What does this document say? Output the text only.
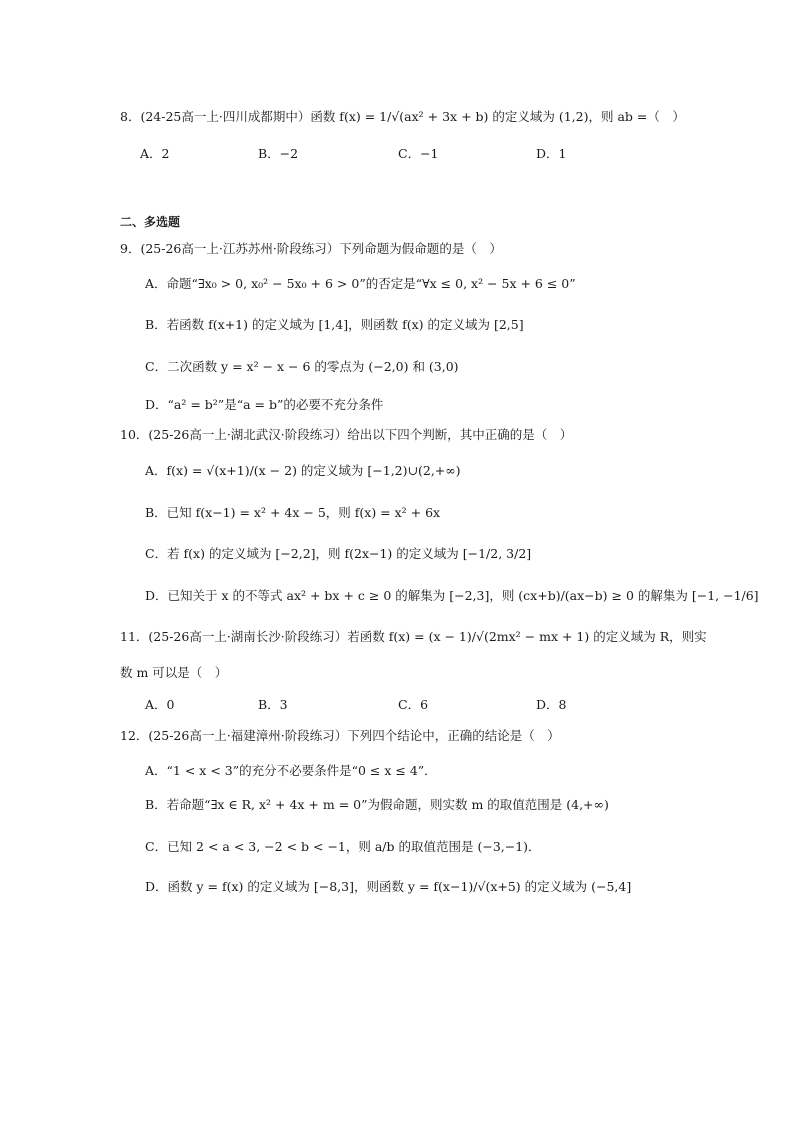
8．(24-25高一上·四川成都期中）函数 f(x) = 1/√(ax² + 3x + b) 的定义域为 (1,2)，则 ab =（　）
A．2	B．−2	C．−1	D．1
二、多选题
9．(25-26高一上·江苏苏州·阶段练习）下列命题为假命题的是（　）
A．命题“∃x₀ > 0, x₀² − 5x₀ + 6 > 0”的否定是“∀x ≤ 0, x² − 5x + 6 ≤ 0”
B．若函数 f(x+1) 的定义域为 [1,4]，则函数 f(x) 的定义域为 [2,5]
C．二次函数 y = x² − x − 6 的零点为 (−2,0) 和 (3,0)
D．“a² = b²”是“a = b”的必要不充分条件
10．(25-26高一上·湖北武汉·阶段练习）给出以下四个判断，其中正确的是（　）
A．f(x) = √(x+1)/(x − 2) 的定义域为 [−1,2)∪(2,+∞)
B．已知 f(x−1) = x² + 4x − 5，则 f(x) = x² + 6x
C．若 f(x) 的定义域为 [−2,2]，则 f(2x−1) 的定义域为 [−1/2, 3/2]
D．已知关于 x 的不等式 ax² + bx + c ≥ 0 的解集为 [−2,3]，则 (cx+b)/(ax−b) ≥ 0 的解集为 [−1, −1/6]
11．(25-26高一上·湖南长沙·阶段练习）若函数 f(x) = (x − 1)/√(2mx² − mx + 1) 的定义域为 R，则实
数 m 可以是（　）
A．0	B．3	C．6	D．8
12．(25-26高一上·福建漳州·阶段练习）下列四个结论中，正确的结论是（　）
A．“1 < x < 3”的充分不必要条件是“0 ≤ x ≤ 4”．
B．若命题“∃x ∈ R, x² + 4x + m = 0”为假命题，则实数 m 的取值范围是 (4,+∞)
C．已知 2 < a < 3, −2 < b < −1，则 a/b 的取值范围是 (−3,−1)．
D．函数 y = f(x) 的定义域为 [−8,3]，则函数 y = f(x−1)/√(x+5) 的定义域为 (−5,4]
